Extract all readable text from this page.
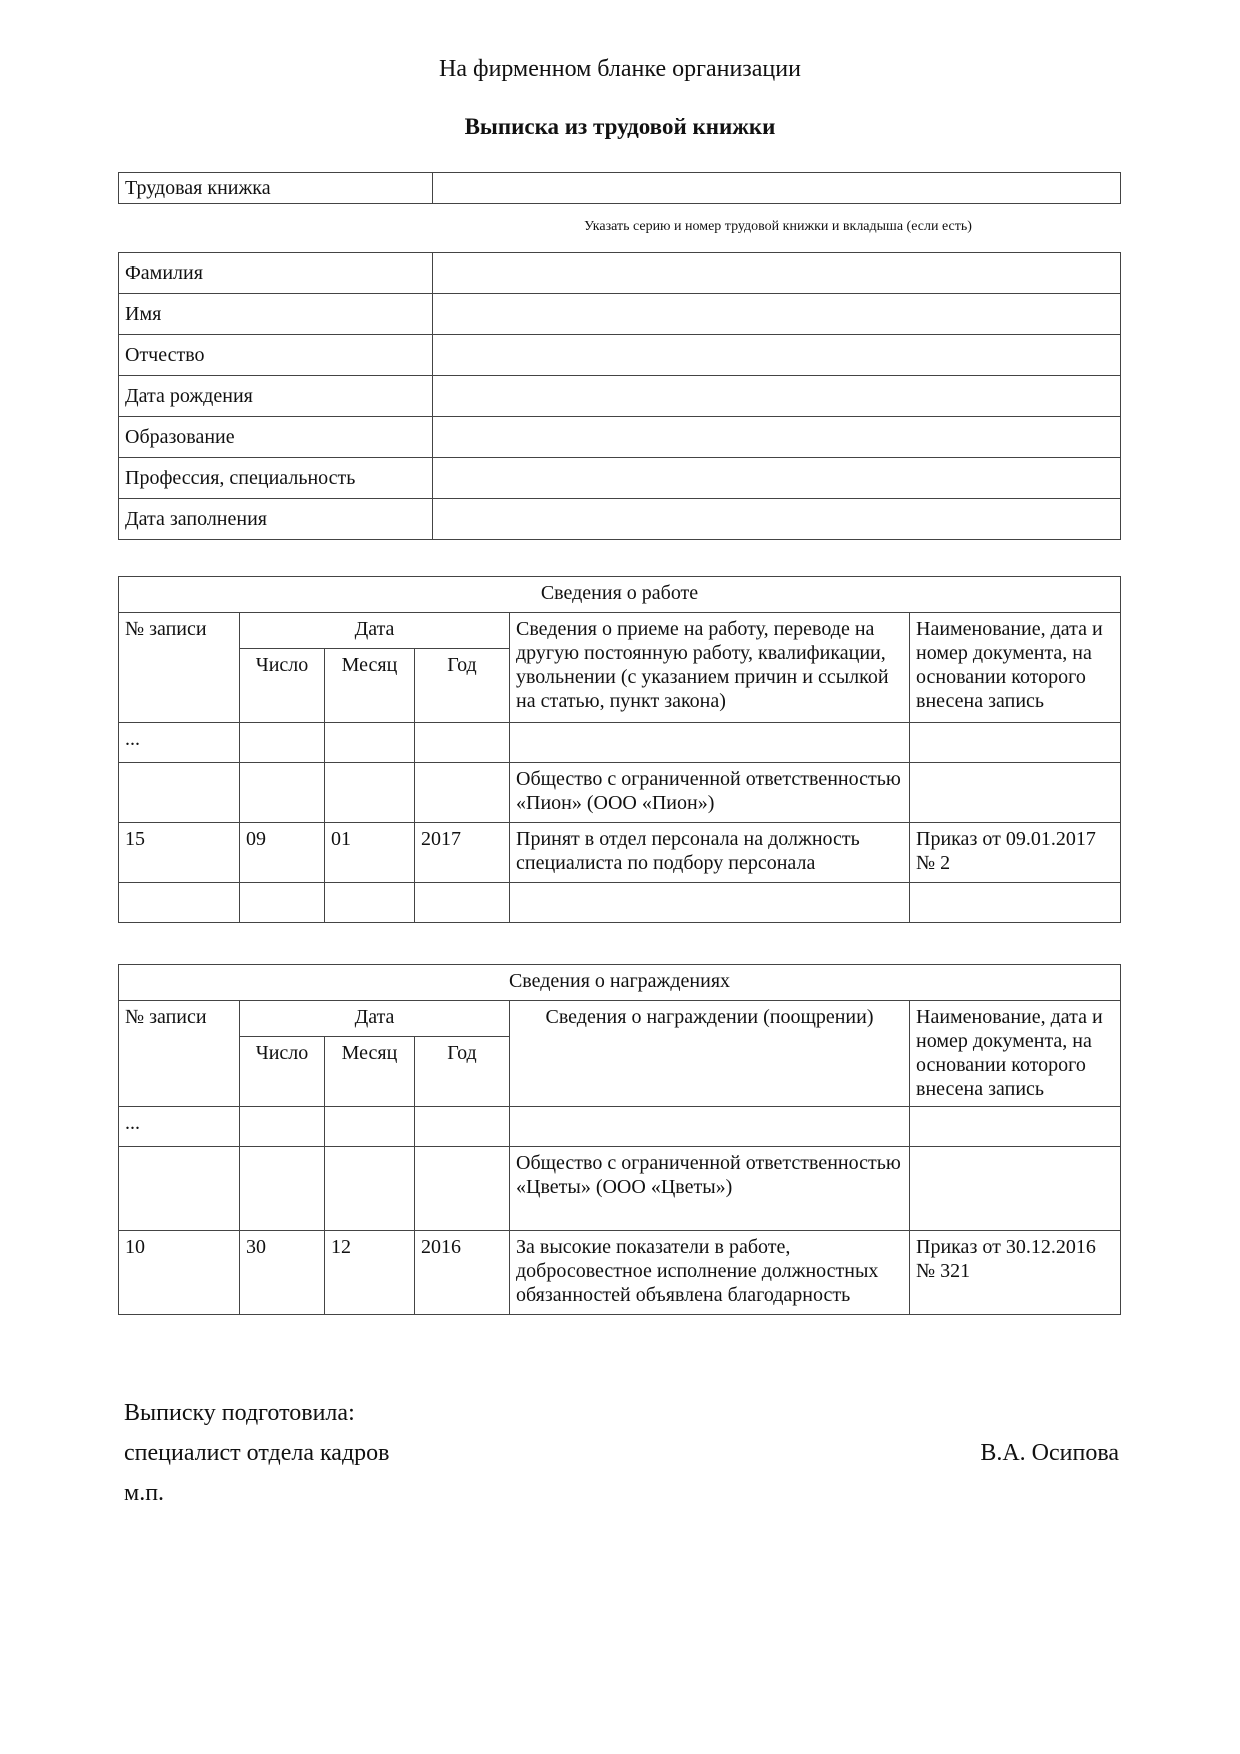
На фирменном бланке организации
Выписка из трудовой книжки
Трудовая книжка	
Указать серию и номер трудовой книжки и вкладыша (если есть)
Фамилия	
Имя	
Отчество	
Дата рождения	
Образование	
Профессия, специальность	
Дата заполнения	
Сведения о работе					
№ записи	Дата			Сведения о приеме на работу, переводе на другую постоянную работу, квалификации, увольнении (с указанием причин и ссылкой на статью, пункт закона)	Наименование, дата и номер документа, на основании которого внесена запись
	Число	Месяц	Год		
...					
				Общество с ограниченной ответственностью «Пион» (ООО «Пион»)	
15	09	01	2017	Принят в отдел персонала на должность специалиста по подбору персонала	Приказ от 09.01.2017 № 2

Сведения о награждениях					
№ записи	Дата			Сведения о награждении (поощрении)	Наименование, дата и номер документа, на основании которого внесена запись
	Число	Месяц	Год		
...					
				Общество с ограниченной ответственностью «Цветы» (ООО «Цветы»)	
10	30	12	2016	За высокие показатели в работе, добросовестное исполнение должностных обязанностей объявлена благодарность	Приказ от 30.12.2016 № 321
Выписку подготовила:
специалист отдела кадров	В.А. Осипова
м.п.
